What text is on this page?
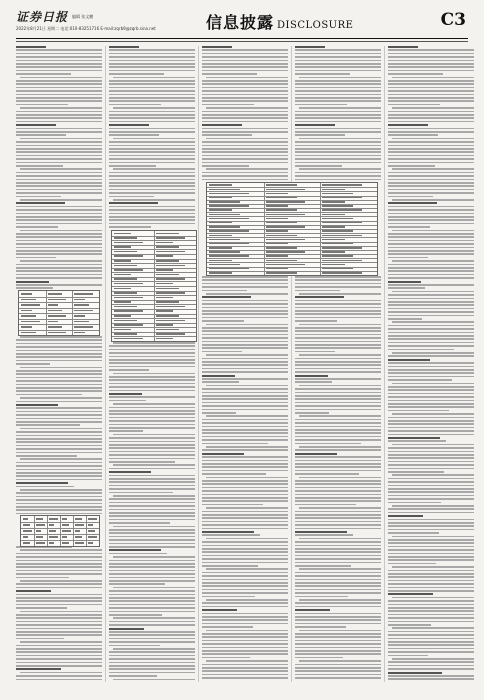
证券日报 编辑 张文鹏
2022年8月21日 星期二 电话:010-83251716 E-mail:zqrb9@zqrb.sina.net	信息披露 DISCLOSURE	C3
